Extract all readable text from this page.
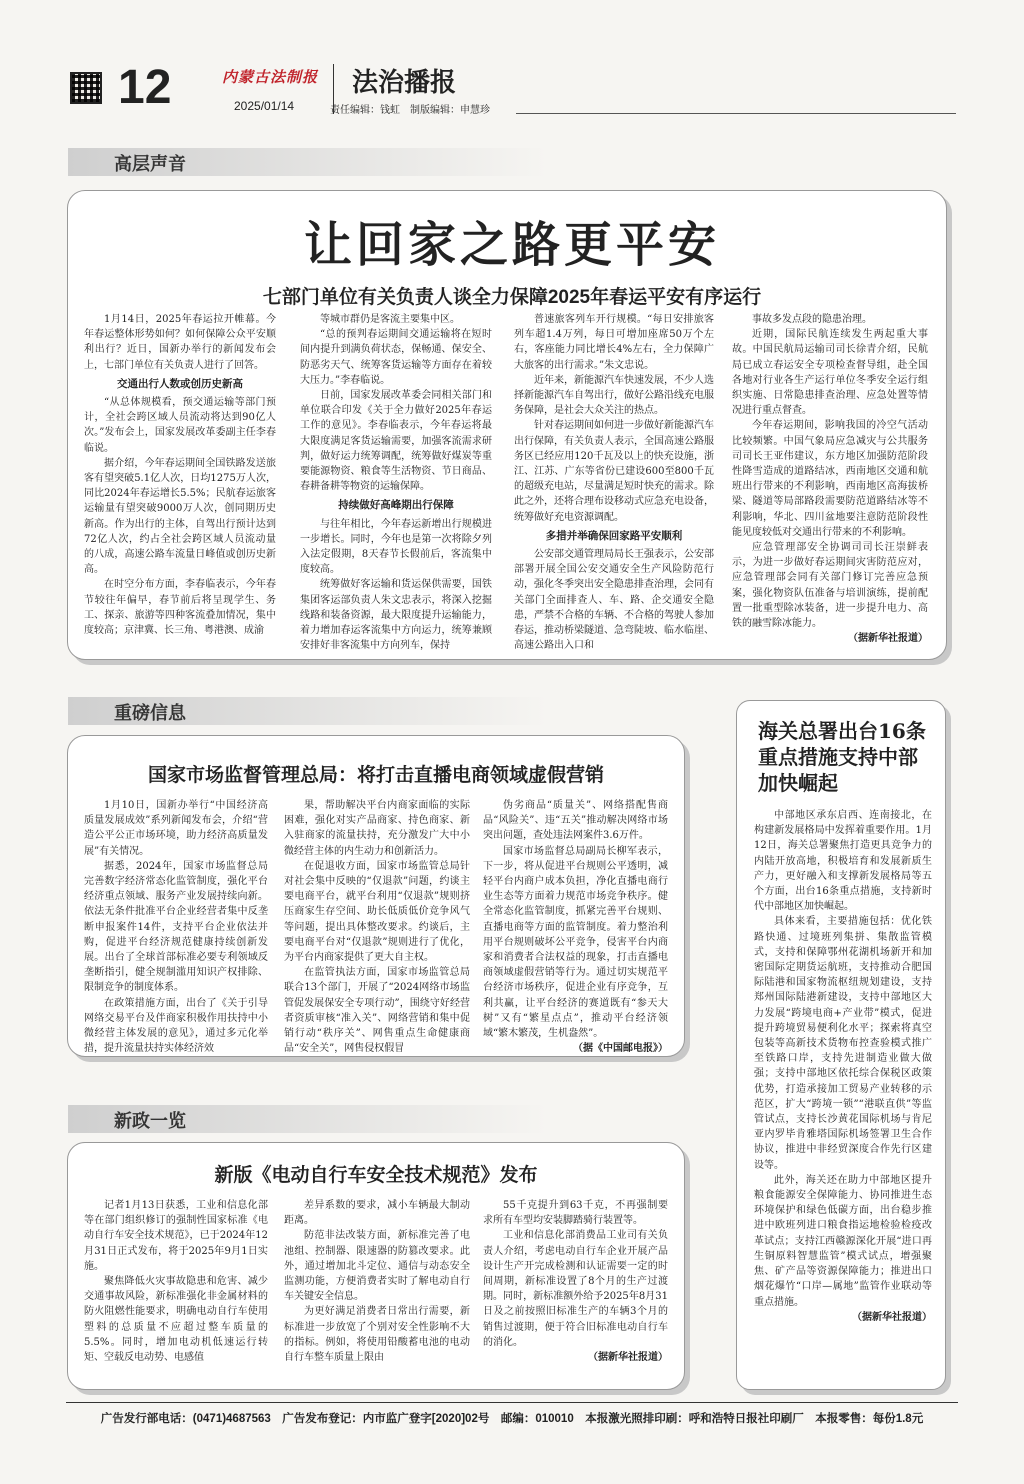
12	内蒙古法制报
2025/01/14
法治播报
责任编辑：钱虹　制版编辑：申慧珍
高层声音
让回家之路更平安
七部门单位有关负责人谈全力保障2025年春运平安有序运行

1月14日，2025年春运拉开帷幕。今年春运整体形势如何？如何保障公众平安顺利出行？近日，国新办举行的新闻发布会上，七部门单位有关负责人进行了回答。

交通出行人数或创历史新高

“从总体规模看，预交通运输等部门预计，全社会跨区域人员流动将达到90亿人次。”发布会上，国家发展改革委副主任李春临说。

据介绍，今年春运期间全国铁路发送旅客有望突破5.1亿人次，日均1275万人次，同比2024年春运增长5.5%；民航春运旅客运输量有望突破9000万人次，创同期历史新高。作为出行的主体，自驾出行预计达到72亿人次，约占全社会跨区域人员流动量的八成，高速公路车流量日峰值或创历史新高。

在时空分布方面，李春临表示，今年春节较往年偏早，春节前后将呈现学生、务工、探亲、旅游等四种客流叠加情况，集中度较高；京津冀、长三角、粤港澳、成渝

等城市群仍是客流主要集中区。

“总的预判春运期间交通运输将在短时间内提升到满负荷状态，保畅通、保安全、防恶劣天气、统筹客货运输等方面存在着较大压力。”李春临说。

日前，国家发展改革委会同相关部门和单位联合印发《关于全力做好2025年春运工作的意见》。李春临表示，今年春运将最大限度满足客货运输需要，加强客流需求研判，做好运力统筹调配，统筹做好煤炭等重要能源物资、粮食等生活物资、节日商品、春耕备耕等物资的运输保障。

持续做好高峰期出行保障

与往年相比，今年春运新增出行规模进一步增长。同时，今年也是第一次将除夕列入法定假期，8天春节长假前后，客流集中度较高。

统筹做好客运输和货运保供需要，国铁集团客运部负责人朱文忠表示，将深入挖掘线路和装备资源，最大限度提升运输能力，着力增加春运客流集中方向运力，统筹兼顾安排好非客流集中方向列车，保持

普速旅客列车开行规模。“每日安排旅客列车超1.4万列，每日可增加座席50万个左右，客座能力同比增长4%左右，全力保障广大旅客的出行需求。”朱文忠说。

近年来，新能源汽车快速发展，不少人选择新能源汽车自驾出行，做好公路沿线充电服务保障，是社会大众关注的热点。

针对春运期间如何进一步做好新能源汽车出行保障，有关负责人表示，全国高速公路服务区已经应用120千瓦及以上的快充设施，浙江、江苏、广东等省份已建设600至800千瓦的超级充电站，尽量满足短时快充的需求。除此之外，还将合理布设移动式应急充电设备，统筹做好充电资源调配。

多措并举确保回家路平安顺利

公安部交通管理局局长王强表示，公安部部署开展全国公安交通安全生产风险防范行动，强化冬季突出安全隐患排查治理，会同有关部门全面排查人、车、路、企交通安全隐患，严禁不合格的车辆、不合格的驾驶人参加春运，推动桥梁隧道、急弯陡坡、临水临崖、高速公路出入口和

事故多发点段的隐患治理。

近期，国际民航连续发生两起重大事故。中国民航局运输司司长徐青介绍，民航局已成立春运安全专项检查督导组，赴全国各地对行业各生产运行单位冬季安全运行组织实施、日常隐患排查治理、应急处置等情况进行重点督查。

今年春运期间，影响我国的冷空气活动比较频繁。中国气象局应急减灾与公共服务司司长王亚伟建议，东方地区加强防范阶段性降雪造成的道路结冰，西南地区交通和航班出行带来的不利影响，西南地区高海拔桥梁、隧道等局部路段需要防范道路结冰等不利影响，华北、四川盆地要注意防范阶段性能见度较低对交通出行带来的不利影响。

应急管理部安全协调司司长汪崇鲜表示，为进一步做好春运期间灾害防范应对，应急管理部会同有关部门修订完善应急预案，强化物资队伍准备与培训演练，提前配置一批重型除冰装备，进一步提升电力、高铁的融雪除冰能力。

（据新华社报道）

重磅信息
国家市场监督管理总局：将打击直播电商领域虚假营销

1月10日，国新办举行“中国经济高质量发展成效”系列新闻发布会，介绍“营造公平公正市场环境，助力经济高质量发展”有关情况。

据悉，2024年，国家市场监督总局完善数字经济常态化监管制度，强化平台经济重点领域、服务产业发展持续向新。依法无条件批准平台企业经营者集中反垄断申报案件14件，支持平台企业依法并购，促进平台经济规范健康持续创新发展。出台了全球首部标准必要专利领域反垄断指引，健全规制滥用知识产权排除、限制竞争的制度体系。

在政策措施方面，出台了《关于引导网络交易平台及伴商家积极作用扶持中小微经营主体发展的意见》，通过多元化举措，提升流量扶持实体经济效

果，帮助解决平台内商家面临的实际困难，强化对实产品商家、持色商家、新入驻商家的流量扶持，充分激发广大中小微经营主体的内生动力和创新活力。

在促退收方面，国家市场监管总局针对社会集中反映的“仅退款”问题，约谈主要电商平台，就平台利用“仅退款”规则挤压商家生存空间、助长低质低价竞争风气等问题，提出具体整改要求。约谈后，主要电商平台对“仅退款”规则进行了优化，为平台内商家提供了更大自主权。

在监管执法方面，国家市场监管总局联合13个部门，开展了“2024网络市场监管促发展保安全专项行动”，围绕守好经营者资质审核“准入关”、网络营销和集中促销行动“秩序关”、网售重点生命健康商品“安全关”，网售侵权假冒

伪劣商品“质量关”、网络搭配售商品“风险关”、违“五关”推动解决网络市场突出问题，查处违法网案件3.6万件。

国家市场监督总局副局长柳军表示，下一步，将从促进平台规则公平透明，减轻平台内商户成本负担，净化直播电商行业生态等方面着力规范市场竞争秩序。健全常态化监管制度，抓紧完善平台规则、直播电商等方面的监管制度。着力整治利用平台规则破坏公平竞争，侵害平台内商家和消费者合法权益的现象，打击直播电商领域虚假营销等行为。通过切实规范平台经济市场秩序，促进企业有序竞争，互利共赢，让平台经济的赛道既有“参天大树”又有“繁星点点”，推动平台经济领域“繁木繁茂，生机盎然”。

（据《中国邮电报》）

新政一览
新版《电动自行车安全技术规范》发布

记者1月13日获悉，工业和信息化部等在部门组织修订的强制性国家标准《电动自行车安全技术规范》，已于2024年12月31日正式发布，将于2025年9月1日实施。

聚焦降低火灾事故隐患和危害、减少交通事故风险，新标准强化非金属材料的防火阻燃性能要求，明确电动自行车使用塑料的总质量不应超过整车质量的5.5%。同时，增加电动机低速运行转矩、空载反电动势、电感值

差异系数的要求，减小车辆最大制动距离。

防范非法改装方面，新标准完善了电池组、控制器、限速器的防篡改要求。此外，通过增加北斗定位、通信与动态安全监测功能，方便消费者实时了解电动自行车关键安全信息。

为更好满足消费者日常出行需要，新标准进一步放宽了个别对安全性影响不大的指标。例如，将使用铅酸蓄电池的电动自行车整车质量上限由

55千克提升到63千克，不再强制要求所有车型均安装脚踏骑行装置等。

工业和信息化部消费品工业司有关负责人介绍，考虑电动自行车企业开展产品设计生产开完成检测和认证需要一定的时间周期，新标准设置了8个月的生产过渡期。同时，新标准额外给予2025年8月31日及之前按照旧标准生产的车辆3个月的销售过渡期，便于符合旧标准电动自行车的消化。

（据新华社报道）

海关总署出台16条重点措施支持中部加快崛起

中部地区承东启西、连南接北，在构建新发展格局中发挥着重要作用。1月12日，海关总署聚焦打造更具竞争力的内陆开放高地，积极培育和发展新质生产力，更好融入和支撑新发展格局等五个方面，出台16条重点措施，支持新时代中部地区加快崛起。

具体来看，主要措施包括：优化铁路快通、过境班列集拼、集散监管模式，支持和保障鄂州花湖机场新开和加密国际定期货运航班，支持推动合肥国际陆港和国家物流枢纽规划建设，支持郑州国际陆港新建设，支持中部地区大力发展“跨境电商+产业带”模式，促进提升跨境贸易便利化水平；探索将真空包装等高新技术货物布控查验模式推广至铁路口岸，支持先进制造业做大做强；支持中部地区依托综合保税区政策优势，打造承接加工贸易产业转移的示范区，扩大“跨境一锁”“港联直供”等监管试点，支持长沙黄花国际机场与肯尼亚内罗毕肯雅塔国际机场签署卫生合作协议，推进中非经贸深度合作先行区建设等。

此外，海关还在助力中部地区提升粮食能源安全保障能力、协同推进生态环境保护和绿色低碳方面，出台稳步推进中欧班列进口粮食指运地检验检疫改革试点；支持江西赣源深化开展“进口再生铜原料智慧监管”模式试点，增强聚焦、矿产品等资源保障能力；推进出口烟花爆竹“口岸—属地”监管作业联动等重点措施。

（据新华社报道）

广告发行部电话：(0471)4687563　广告发布登记：内市监广登字[2020]02号　邮编：010010　本报激光照排印刷：呼和浩特日报社印刷厂　本报零售：每份1.8元
